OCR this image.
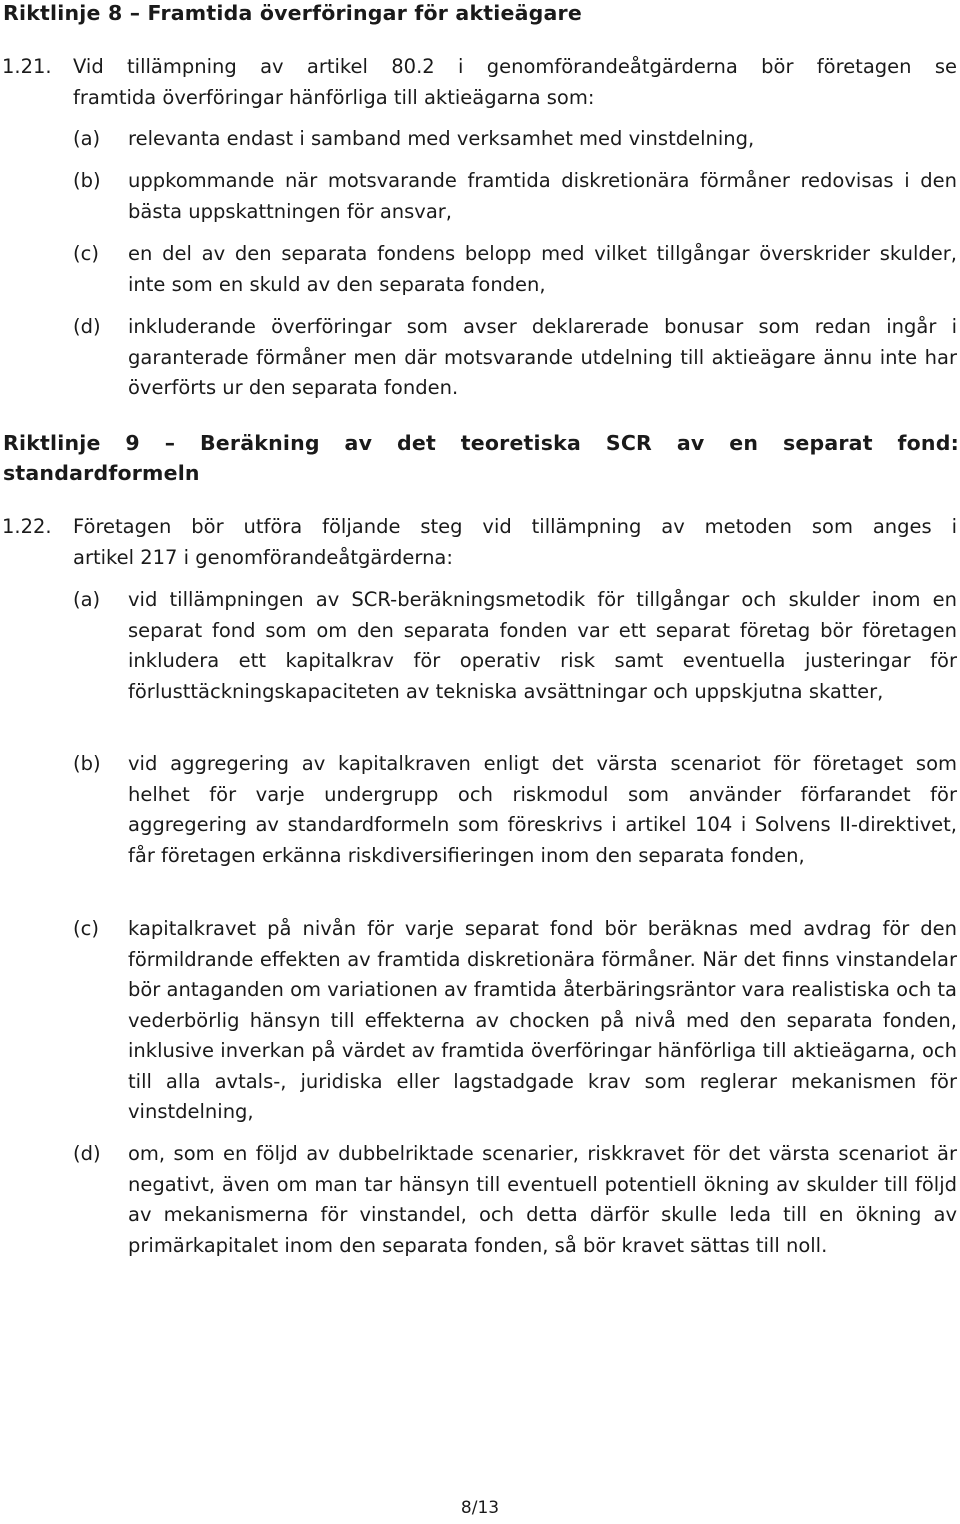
Riktlinje 8 – Framtida överföringar för aktieägare
1.21. Vid tillämpning av artikel 80.2 i genomförandeåtgärderna bör företagen se
framtida överföringar hänförliga till aktieägarna som:
(a) relevanta endast i samband med verksamhet med vinstdelning,
(b) uppkommande när motsvarande framtida diskretionära förmåner redovisas i den bästa uppskattningen för ansvar,
(c) en del av den separata fondens belopp med vilket tillgångar överskrider skulder, inte som en skuld av den separata fonden,
(d) inkluderande överföringar som avser deklarerade bonusar som redan ingår i garanterade förmåner men där motsvarande utdelning till aktieägare ännu inte har överförts ur den separata fonden.
Riktlinje 9 – Beräkning av det teoretiska SCR av en separat fond: standardformeln
1.22. Företagen bör utföra följande steg vid tillämpning av metoden som anges i
artikel 217 i genomförandeåtgärderna:
(a) vid tillämpningen av SCR-beräkningsmetodik för tillgångar och skulder inom en separat fond som om den separata fonden var ett separat företag bör företagen inkludera ett kapitalkrav för operativ risk samt eventuella justeringar för förlusttäckningskapaciteten av tekniska avsättningar och uppskjutna skatter,
(b) vid aggregering av kapitalkraven enligt det värsta scenariot för företaget som helhet för varje undergrupp och riskmodul som använder förfarandet för aggregering av standardformeln som föreskrivs i artikel 104 i Solvens II-direktivet, får företagen erkänna riskdiversifieringen inom den separata fonden,
(c) kapitalkravet på nivån för varje separat fond bör beräknas med avdrag för den förmildrande effekten av framtida diskretionära förmåner. När det finns vinstandelar bör antaganden om variationen av framtida återbäringsräntor vara realistiska och ta vederbörlig hänsyn till effekterna av chocken på nivå med den separata fonden, inklusive inverkan på värdet av framtida överföringar hänförliga till aktieägarna, och till alla avtals-, juridiska eller lagstadgade krav som reglerar mekanismen för vinstdelning,
(d) om, som en följd av dubbelriktade scenarier, riskkravet för det värsta scenariot är negativt, även om man tar hänsyn till eventuell potentiell ökning av skulder till följd av mekanismerna för vinstandel, och detta därför skulle leda till en ökning av primärkapitalet inom den separata fonden, så bör kravet sättas till noll.
8/13
